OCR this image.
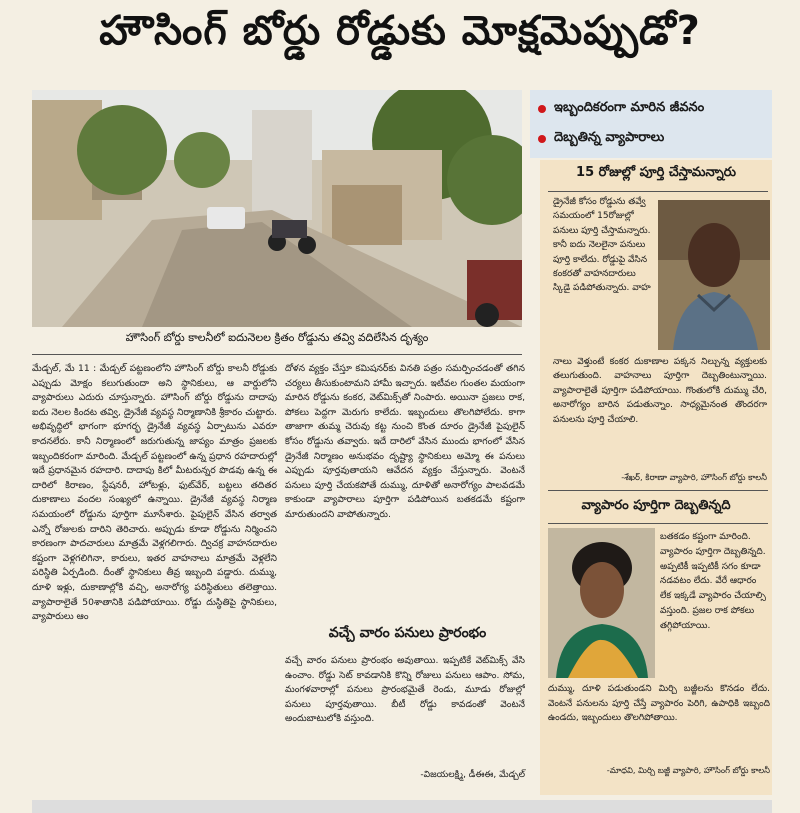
హౌసింగ్ బోర్డు రోడ్డుకు మోక్షమెప్పుడో?
హౌసింగ్ బోర్డు కాలనీలో ఐదునెలల క్రితం రోడ్డును తవ్వి వదిలేసిన దృశ్యం
మేడ్చల్, మే 11 : మేడ్చల్ పట్టణంలోని హౌసింగ్ బోర్డు కాలనీ రోడ్డుకు ఎప్పుడు మోక్షం కలుగుతుందా అని స్థానికులు, ఆ వార్డులోని వ్యాపారులు ఎదురు చూస్తున్నారు. హౌసింగ్ బోర్డు రోడ్డును దాదాపు ఐదు నెలల కిందట తవ్వి, డ్రైనేజీ వ్యవస్థ నిర్మాణానికి శ్రీకారం చుట్టారు. అభివృద్ధిలో భాగంగా భూగర్భ డ్రైనేజీ వ్యవస్థ ఏర్పాటును ఎవరూ కాదనలేరు. కానీ నిర్మాణంలో జరుగుతున్న జాప్యం మాత్రం ప్రజలకు ఇబ్బందికరంగా మారింది. మేడ్చల్ పట్టణంలో ఉన్న ప్రధాన రహదారుల్లో ఇదే ప్రధానమైన రహదారి. దాదాపు కిలో మీటరున్నర పొడవు ఉన్న ఈ దారిలో కిరాణం, స్టేషనరీ, హోటళ్లు, ఫుట్‌వేర్, బట్టలు తదితర దుకాణాలు వందల సంఖ్యలో ఉన్నాయి. డ్రైనేజీ వ్యవస్థ నిర్మాణ సమయంలో రోడ్డును పూర్తిగా మూసేశారు. పైపులైన్ వేసిన తర్వాత ఎన్నో రోజులకు దారిని తెరిచారు. అప్పుడు కూడా రోడ్డును నిర్మించని కారణంగా పాదచారులు మాత్రమే వెళ్లగలిగారు. ద్విచక్ర వాహనదారుల కష్టంగా వెళ్లగలిగినా, కారులు, ఇతర వాహనాలు మాత్రమే వెళ్లలేని పరిస్థితి ఏర్పడింది. దీంతో స్థానికులు తీవ్ర ఇబ్బంది పడ్డారు. దుమ్ము, దూళి ఇళ్లు, దుకాణాల్లోకి వచ్చి, అనారోగ్య పరిస్థితులు తలెత్తాయి. వ్యాపారాలైతే 50శాతానికి పడిపోయాయి. రోడ్డు దుస్థితిపై స్థానికులు, వ్యాపారులు ఆం
దోళన వ్యక్తం చేస్తూ కమిషనర్‌కు వినతి పత్రం సమర్పించడంతో తగిన చర్యలు తీసుకుంటామని హామీ ఇచ్చారు. ఇటీవల గుంతల మయంగా మారిన రోడ్డును కంకర, వెట్‌మిక్స్‌తో నింపారు. అయినా ప్రజలు రాక, పోకలు పెద్దగా మెరుగు కాలేదు. ఇబ్బందులు తొలగిపోలేదు. కాగా తాజాగా తుమ్మ చెరువు కట్ట నుంచి కొంత దూరం డ్రైనేజీ పైపులైన్ కోసం రోడ్డును తవ్వారు. ఇదే దారిలో వేసిన ముందు భాగంలో వేసిన డ్రైనేజీ నిర్మాణం అనుభవం దృష్ట్యా స్థానికులు అమ్మో ఈ పనులు ఎప్పుడు పూర్తవుతాయని ఆవేదన వ్యక్తం చేస్తున్నారు. వెంటనే పనులు పూర్తి చేయకపోతే దుమ్ము, దూళితో అనారోగ్యం పాలవడమే కాకుండా వ్యాపారాలు పూర్తిగా పడిపోయిన బతకడమే కష్టంగా మారుతుందని వాపోతున్నారు.
వచ్చే వారం పనులు ప్రారంభం
వచ్చే వారం పనులు ప్రారంభం అవుతాయి. ఇప్పటికే వెట్‌మిక్స్ వేసి ఉంచాం. రోడ్డు సెట్ కావడానికి కొన్ని రోజులు పనులు ఆపాం. సోమ, మంగళవారాల్లో పనులు ప్రారంభమైతే రెండు, మూడు రోజుల్లో పనులు పూర్తవుతాయి. బీటీ రోడ్డు కావడంతో వెంటనే అందుబాటులోకి వస్తుంది.
-విజయలక్ష్మి, డీఈఈ, మేడ్చల్
ఇబ్బందికరంగా మారిన జీవనం
దెబ్బతిన్న వ్యాపారాలు
15 రోజుల్లో పూర్తి చేస్తామన్నారు
డ్రైనేజీ కోసం రోడ్డును తవ్వే సమయంలో 15రోజుల్లో పనులు పూర్తి చేస్తామన్నారు. కానీ ఐదు నెలలైనా పనులు పూర్తి కాలేదు. రోడ్డుపై వేసిన కంకరతో వాహనదారులు స్కిడై పడిపోతున్నారు. వాహ
నాలు వెళ్తుంటే కంకర దుకాణాల పక్కన నిల్చున్న వ్యక్తులకు తలుగుతుంది. వాహనాలు పూర్తిగా దెబ్బతింటున్నాయి. వ్యాపారాలైతే పూర్తిగా పడిపోయాయి. గొంతులోకి దుమ్ము చేరి, అనారోగ్యం బారిన పడుతున్నాం. సాధ్యమైనంత తొందరగా పనులను పూర్తి చేయాలి.
-శేఖర్, కిరాణా వ్యాపారి, హౌసింగ్ బోర్డు కాలనీ
వ్యాపారం పూర్తిగా దెబ్బతిన్నది
బతకడం కష్టంగా మారింది. వ్యాపారం పూర్తిగా దెబ్బతిన్నది. అప్పటికీ ఇప్పటికీ సగం కూడా నడవటం లేదు. వేరే ఆధారం లేక ఇక్కడే వ్యాపారం చేయాల్సి వస్తుంది. ప్రజల రాక పోకలు తగ్గిపోయాయి.
దుమ్ము, దూళి పడుతుండని మిర్చి బజ్జీలను కొనడం లేదు. వెంటనే పనులను పూర్తి చేస్తే వ్యాపారం పెరిగి, ఉపాధికి ఇబ్బంది ఉండదు, ఇబ్బందులు తొలగిపోతాయి.
-మాధవి, మిర్చి బజ్జీ వ్యాపారి, హౌసింగ్ బోర్డు కాలనీ
